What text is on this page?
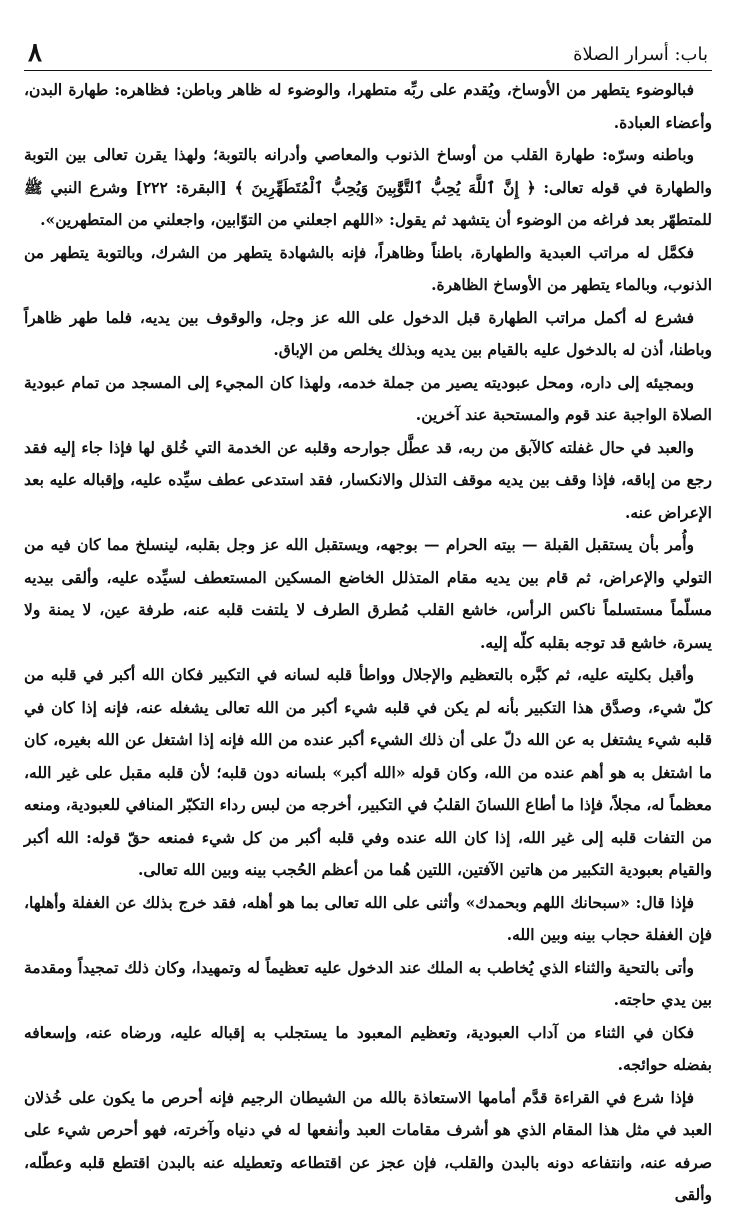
٨	باب: أسرار الصلاة

فبالوضوء يتطهر من الأوساخ، ويُقدم على ربِّه متطهرا، والوضوء له ظاهر وباطن: فظاهره: طهارة البدن، وأعضاء العبادة.

وباطنه وسرّه: طهارة القلب من أوساخ الذنوب والمعاصي وأدرانه بالتوبة؛ ولهذا يقرن تعالى بين التوبة والطهارة في قوله تعالى: ﴿ إِنَّ ٱللَّهَ يُحِبُّ ٱلتَّوَّٰبِينَ وَيُحِبُّ ٱلْمُتَطَهِّرِينَ ﴾ [البقرة: ٢٢٢] وشرع النبي ﷺ للمتطهّر بعد فراغه من الوضوء أن يتشهد ثم يقول: «اللهم اجعلني من التوّابين، واجعلني من المتطهرين».

فكمَّل له مراتب العبدية والطهارة، باطناً وظاهراً، فإنه بالشهادة يتطهر من الشرك، وبالتوبة يتطهر من الذنوب، وبالماء يتطهر من الأوساخ الظاهرة.

فشرع له أكمل مراتب الطهارة قبل الدخول على الله عز وجل، والوقوف بين يديه، فلما طهر ظاهراً وباطنا، أذن له بالدخول عليه بالقيام بين يديه وبذلك يخلص من الإباق.

وبمجيئه إلى داره، ومحل عبوديته يصير من جملة خدمه، ولهذا كان المجيء إلى المسجد من تمام عبودية الصلاة الواجبة عند قوم والمستحبة عند آخرين.

والعبد في حال غفلته كالآبق من ربه، قد عطَّل جوارحه وقلبه عن الخدمة التي خُلق لها فإذا جاء إليه فقد رجع من إباقه، فإذا وقف بين يديه موقف التذلل والانكسار، فقد استدعى عطف سيِّده عليه، وإقباله عليه بعد الإعراض عنه.

وأُمر بأن يستقبل القبلة — بيته الحرام — بوجهه، ويستقبل الله عز وجل بقلبه، لينسلخ مما كان فيه من التولي والإعراض، ثم قام بين يديه مقام المتذلل الخاضع المسكين المستعطف لسيِّده عليه، وألقى بيديه مسلّماً مستسلماً ناكس الرأس، خاشع القلب مُطرق الطرف لا يلتفت قلبه عنه، طرفة عين، لا يمنة ولا يسرة، خاشع قد توجه بقلبه كلّه إليه.

وأقبل بكليته عليه، ثم كبَّره بالتعظيم والإجلال وواطأ قلبه لسانه في التكبير فكان الله أكبر في قلبه من كلّ شيء، وصدَّق هذا التكبير بأنه لم يكن في قلبه شيء أكبر من الله تعالى يشغله عنه، فإنه إذا كان في قلبه شيء يشتغل به عن الله دلّ على أن ذلك الشيء أكبر عنده من الله فإنه إذا اشتغل عن الله بغيره، كان ما اشتغل به هو أهم عنده من الله، وكان قوله «الله أكبر» بلسانه دون قلبه؛ لأن قلبه مقبل على غير الله، معظماً له، مجلاً، فإذا ما أطاع اللسانَ القلبُ في التكبير، أخرجه من لبس رداء التكبّر المنافي للعبودية، ومنعه من التفات قلبه إلى غير الله، إذا كان الله عنده وفي قلبه أكبر من كل شيء فمنعه حقّ قوله: الله أكبر والقيام بعبودية التكبير من هاتين الآفتين، اللتين هُما من أعظم الحُجب بينه وبين الله تعالى.

فإذا قال: «سبحانك اللهم وبحمدك» وأثنى على الله تعالى بما هو أهله، فقد خرج بذلك عن الغفلة وأهلها، فإن الغفلة حجاب بينه وبين الله.

وأتى بالتحية والثناء الذي يُخاطب به الملك عند الدخول عليه تعظيماً له وتمهيدا، وكان ذلك تمجيداً ومقدمة بين يدي حاجته.

فكان في الثناء من آداب العبودية، وتعظيم المعبود ما يستجلب به إقباله عليه، ورضاه عنه، وإسعافه بفضله حوائجه.

فإذا شرع في القراءة قدَّم أمامها الاستعاذة بالله من الشيطان الرجيم فإنه أحرص ما يكون على خُذلان العبد في مثل هذا المقام الذي هو أشرف مقامات العبد وأنفعها له في دنياه وآخرته، فهو أحرص شيء على صرفه عنه، وانتفاعه دونه بالبدن والقلب، فإن عجز عن اقتطاعه وتعطيله عنه بالبدن اقتطع قلبه وعطّله، وألقى
